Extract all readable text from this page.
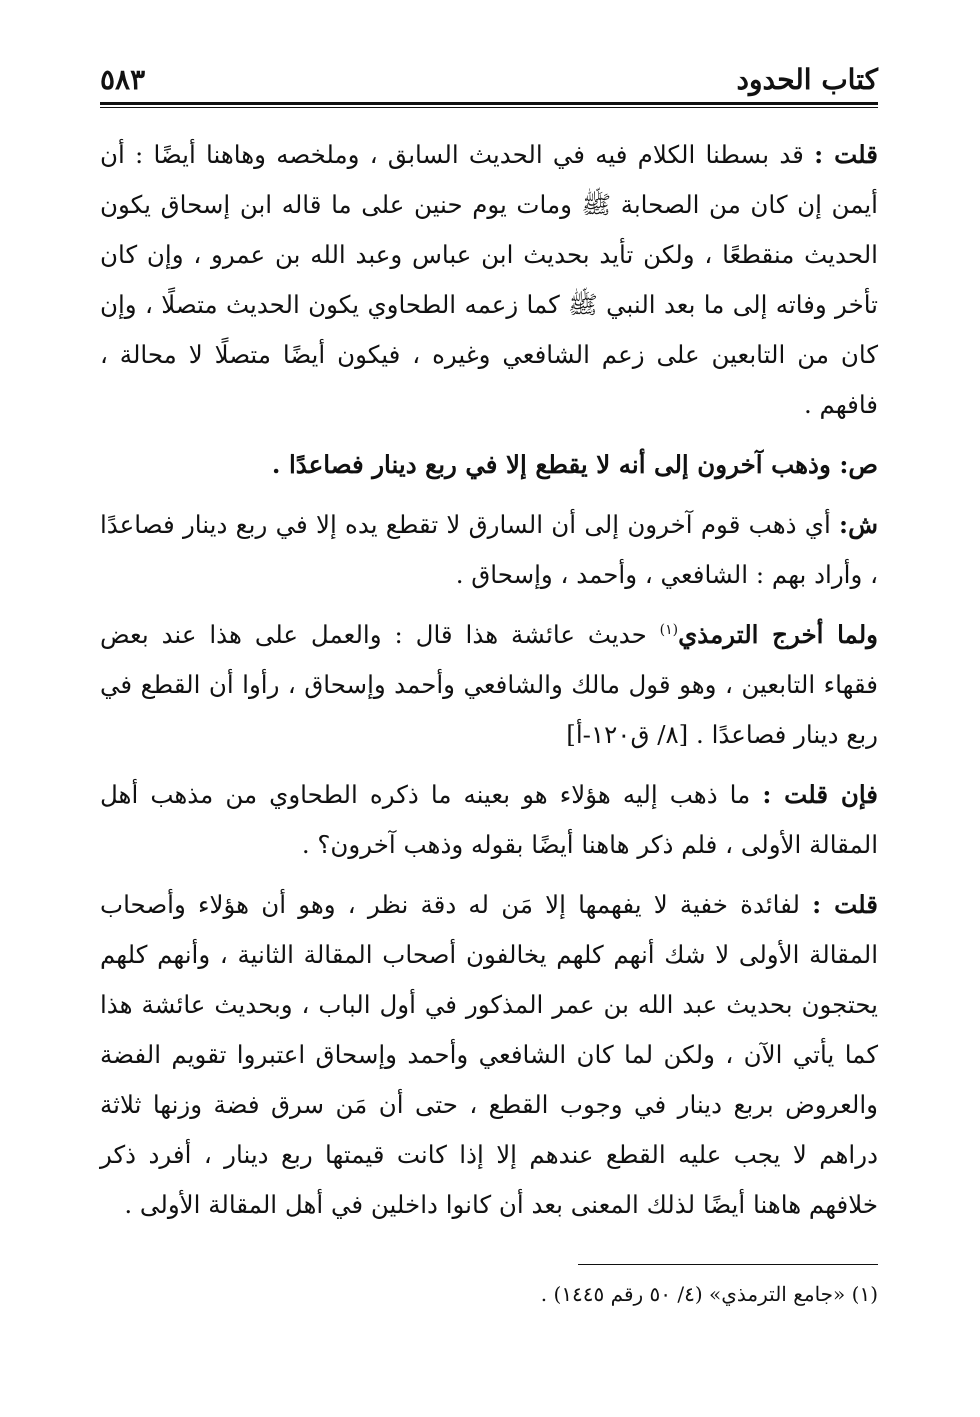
كتاب الحدود
٥٨٣

قلت : قد بسطنا الكلام فيه في الحديث السابق ، وملخصه وهاهنا أيضًا : أن أيمن إن كان من الصحابة ﷺ ومات يوم حنين على ما قاله ابن إسحاق يكون الحديث منقطعًا ، ولكن تأيد بحديث ابن عباس وعبد الله بن عمرو ، وإن كان تأخر وفاته إلى ما بعد النبي ﷺ كما زعمه الطحاوي يكون الحديث متصلًا ، وإن كان من التابعين على زعم الشافعي وغيره ، فيكون أيضًا متصلًا لا محالة ، فافهم .

ص: وذهب آخرون إلى أنه لا يقطع إلا في ربع دينار فصاعدًا .

ش: أي ذهب قوم آخرون إلى أن السارق لا تقطع يده إلا في ربع دينار فصاعدًا ، وأراد بهم : الشافعي ، وأحمد ، وإسحاق .

ولما أخرج الترمذي$^{(١)}$ حديث عائشة هذا قال : والعمل على هذا عند بعض فقهاء التابعين ، وهو قول مالك والشافعي وأحمد وإسحاق ، رأوا أن القطع في ربع دينار فصاعدًا . [٨/ ق١٢٠-أ]

فإن قلت : ما ذهب إليه هؤلاء هو بعينه ما ذكره الطحاوي من مذهب أهل المقالة الأولى ، فلم ذكر هاهنا أيضًا بقوله وذهب آخرون؟ .

قلت : لفائدة خفية لا يفهمها إلا مَن له دقة نظر ، وهو أن هؤلاء وأصحاب المقالة الأولى لا شك أنهم كلهم يخالفون أصحاب المقالة الثانية ، وأنهم كلهم يحتجون بحديث عبد الله بن عمر المذكور في أول الباب ، وبحديث عائشة هذا كما يأتي الآن ، ولكن لما كان الشافعي وأحمد وإسحاق اعتبروا تقويم الفضة والعروض بربع دينار في وجوب القطع ، حتى أن مَن سرق فضة وزنها ثلاثة دراهم لا يجب عليه القطع عندهم إلا إذا كانت قيمتها ربع دينار ، أفرد ذكر خلافهم هاهنا أيضًا لذلك المعنى بعد أن كانوا داخلين في أهل المقالة الأولى .

(١) «جامع الترمذي» (٤/ ٥٠ رقم ١٤٤٥) .
